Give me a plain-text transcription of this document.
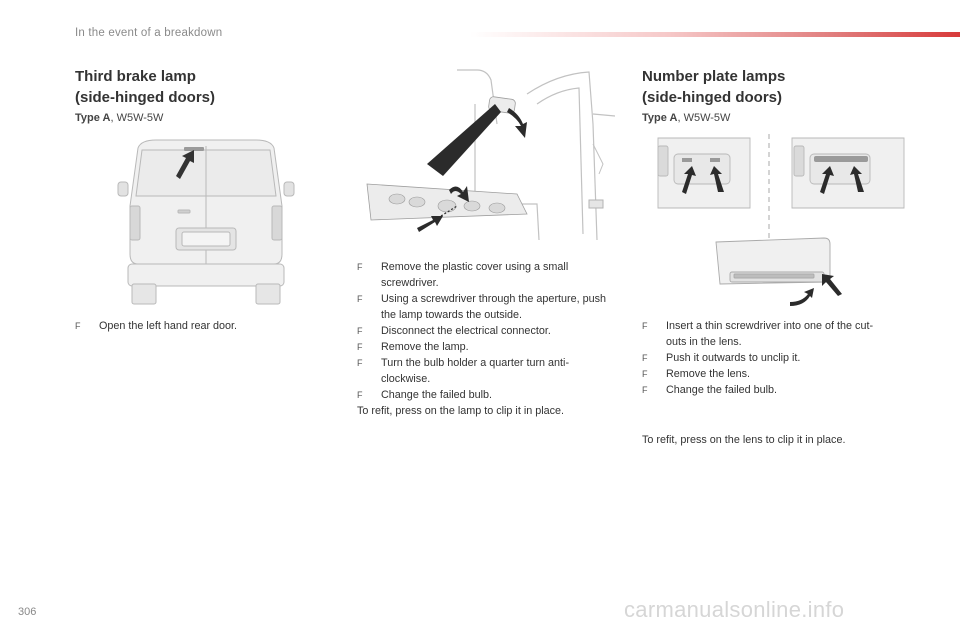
In the event of a breakdown
Third brake lamp
(side-hinged doors)
Type A, W5W-5W
F Open the left hand rear door.
F Remove the plastic cover using a small screwdriver.
F Using a screwdriver through the aperture, push the lamp towards the outside.
F Disconnect the electrical connector.
F Remove the lamp.
F Turn the bulb holder a quarter turn anti-clockwise.
F Change the failed bulb.
To refit, press on the lamp to clip it in place.
Number plate lamps
(side-hinged doors)
Type A, W5W-5W
F Insert a thin screwdriver into one of the cut-outs in the lens.
F Push it outwards to unclip it.
F Remove the lens.
F Change the failed bulb.
To refit, press on the lens to clip it in place.
306	carmanualsonline.info
